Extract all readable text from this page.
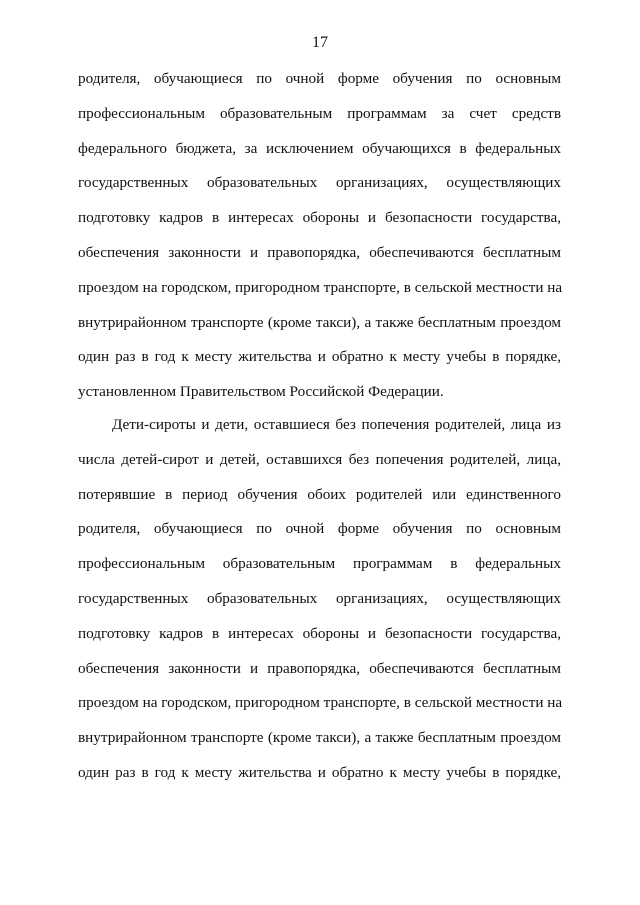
17
родителя, обучающиеся по очной форме обучения по основным
профессиональным образовательным программам за счет средств
федерального бюджета, за исключением обучающихся в федеральных
государственных образовательных организациях, осуществляющих
подготовку кадров в интересах обороны и безопасности государства,
обеспечения законности и правопорядка, обеспечиваются бесплатным
проездом на городском, пригородном транспорте, в сельской местности на
внутрирайонном транспорте (кроме такси), а также бесплатным проездом
один раз в год к месту жительства и обратно к месту учебы в порядке,
установленном Правительством Российской Федерации.
Дети-сироты и дети, оставшиеся без попечения родителей, лица из
числа детей-сирот и детей, оставшихся без попечения родителей, лица,
потерявшие в период обучения обоих родителей или единственного
родителя, обучающиеся по очной форме обучения по основным
профессиональным образовательным программам в федеральных
государственных образовательных организациях, осуществляющих
подготовку кадров в интересах обороны и безопасности государства,
обеспечения законности и правопорядка, обеспечиваются бесплатным
проездом на городском, пригородном транспорте, в сельской местности на
внутрирайонном транспорте (кроме такси), а также бесплатным проездом
один раз в год к месту жительства и обратно к месту учебы в порядке,
